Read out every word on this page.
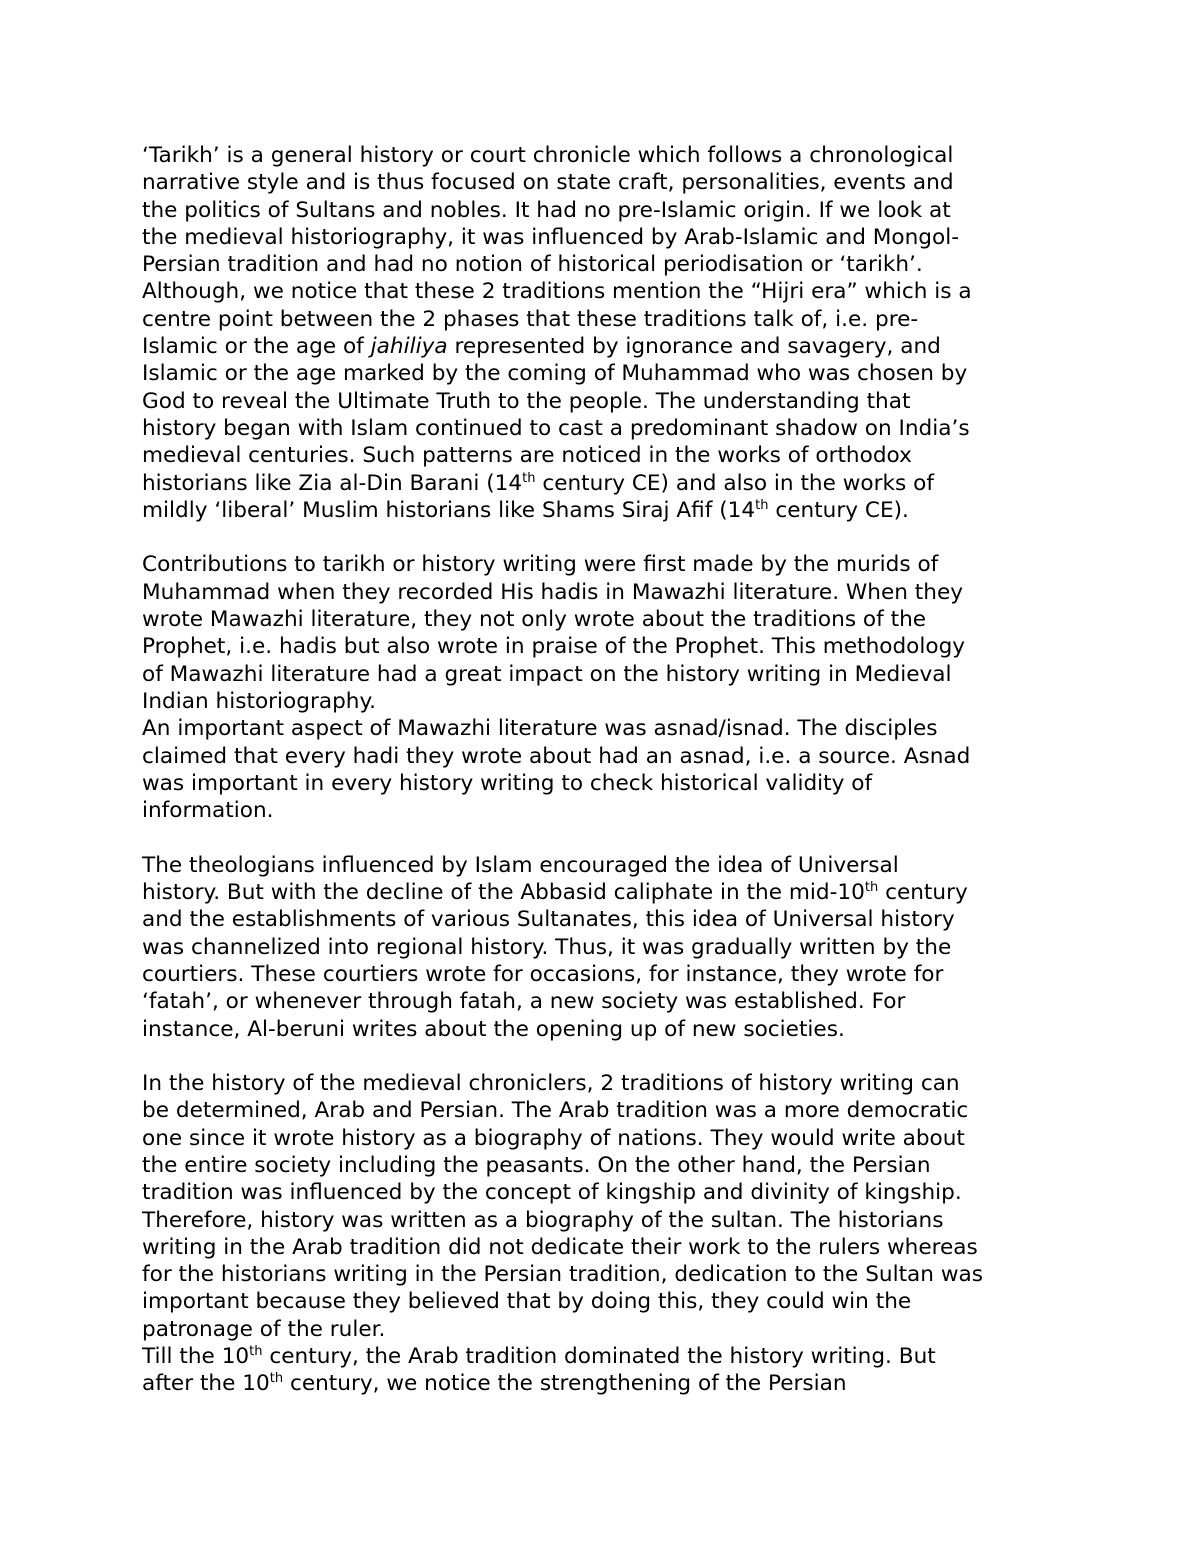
‘Tarikh’ is a general history or court chronicle which follows a chronological
narrative style and is thus focused on state craft, personalities, events and
the politics of Sultans and nobles. It had no pre-Islamic origin. If we look at
the medieval historiography, it was influenced by Arab-Islamic and Mongol-
Persian tradition and had no notion of historical periodisation or ‘tarikh’.
Although, we notice that these 2 traditions mention the “Hijri era” which is a
centre point between the 2 phases that these traditions talk of, i.e. pre-
Islamic or the age of jahiliya represented by ignorance and savagery, and
Islamic or the age marked by the coming of Muhammad who was chosen by
God to reveal the Ultimate Truth to the people. The understanding that
history began with Islam continued to cast a predominant shadow on India’s
medieval centuries. Such patterns are noticed in the works of orthodox
historians like Zia al-Din Barani (14th century CE) and also in the works of
mildly ‘liberal’ Muslim historians like Shams Siraj Afif (14th century CE).
Contributions to tarikh or history writing were first made by the murids of
Muhammad when they recorded His hadis in Mawazhi literature. When they
wrote Mawazhi literature, they not only wrote about the traditions of the
Prophet, i.e. hadis but also wrote in praise of the Prophet. This methodology
of Mawazhi literature had a great impact on the history writing in Medieval
Indian historiography.
An important aspect of Mawazhi literature was asnad/isnad. The disciples
claimed that every hadi they wrote about had an asnad, i.e. a source. Asnad
was important in every history writing to check historical validity of
information.
The theologians influenced by Islam encouraged the idea of Universal
history. But with the decline of the Abbasid caliphate in the mid-10th century
and the establishments of various Sultanates, this idea of Universal history
was channelized into regional history. Thus, it was gradually written by the
courtiers. These courtiers wrote for occasions, for instance, they wrote for
‘fatah’, or whenever through fatah, a new society was established. For
instance, Al-beruni writes about the opening up of new societies.
In the history of the medieval chroniclers, 2 traditions of history writing can
be determined, Arab and Persian. The Arab tradition was a more democratic
one since it wrote history as a biography of nations. They would write about
the entire society including the peasants. On the other hand, the Persian
tradition was influenced by the concept of kingship and divinity of kingship.
Therefore, history was written as a biography of the sultan. The historians
writing in the Arab tradition did not dedicate their work to the rulers whereas
for the historians writing in the Persian tradition, dedication to the Sultan was
important because they believed that by doing this, they could win the
patronage of the ruler.
Till the 10th century, the Arab tradition dominated the history writing. But
after the 10th century, we notice the strengthening of the Persian
